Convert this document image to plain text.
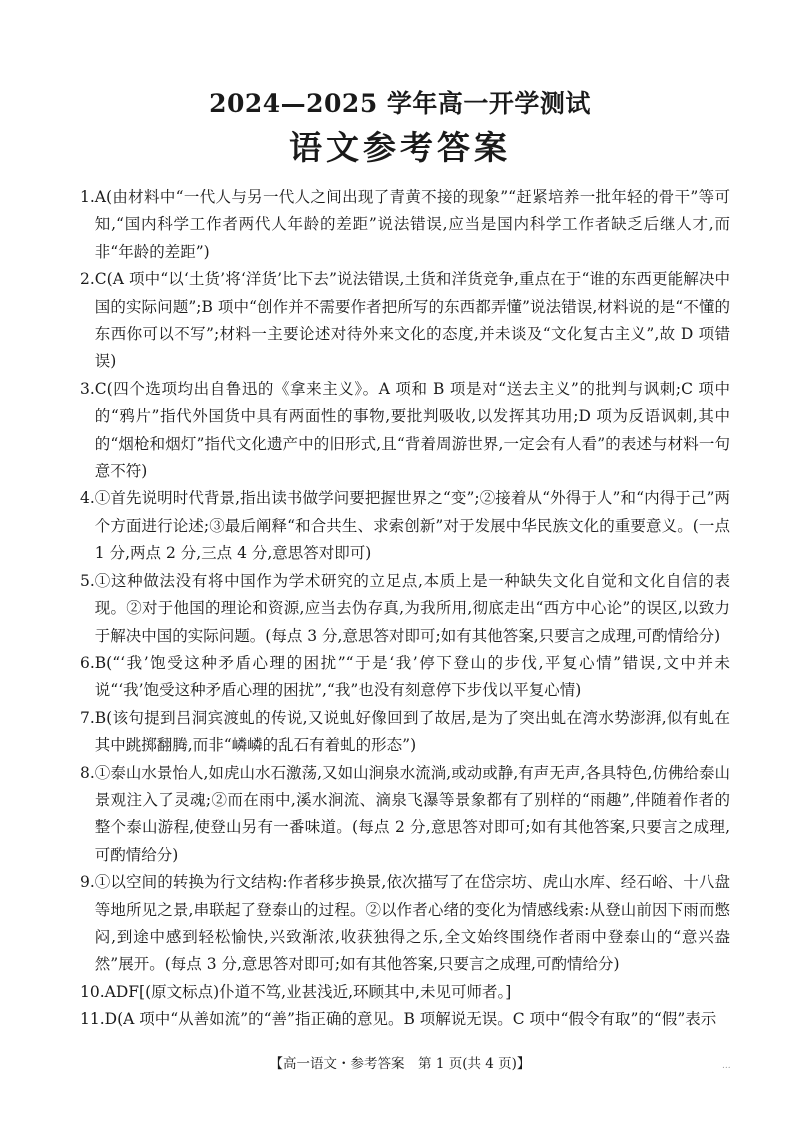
2024—2025 学年高一开学测试
语文参考答案
1. A(由材料中“一代人与另一代人之间出现了青黄不接的现象”“赶紧培养一批年轻的骨干”等可知,“国内科学工作者两代人年龄的差距”说法错误,应当是国内科学工作者缺乏后继人才,而非“年龄的差距”)
2. C(A 项中“以‘土货’将‘洋货’比下去”说法错误,土货和洋货竞争,重点在于“谁的东西更能解决中国的实际问题”;B 项中“创作并不需要作者把所写的东西都弄懂”说法错误,材料说的是“不懂的东西你可以不写”;材料一主要论述对待外来文化的态度,并未谈及“文化复古主义”,故 D 项错误)
3. C(四个选项均出自鲁迅的《拿来主义》。A 项和 B 项是对“送去主义”的批判与讽刺;C 项中的“鸦片”指代外国货中具有两面性的事物,要批判吸收,以发挥其功用;D 项为反语讽刺,其中的“烟枪和烟灯”指代文化遗产中的旧形式,且“背着周游世界,一定会有人看”的表述与材料一句意不符)
4. ①首先说明时代背景,指出读书做学问要把握世界之“变”;②接着从“外得于人”和“内得于己”两个方面进行论述;③最后阐释“和合共生、求索创新”对于发展中华民族文化的重要意义。(一点 1 分,两点 2 分,三点 4 分,意思答对即可)
5. ①这种做法没有将中国作为学术研究的立足点,本质上是一种缺失文化自觉和文化自信的表现。②对于他国的理论和资源,应当去伪存真,为我所用,彻底走出“西方中心论”的误区,以致力于解决中国的实际问题。(每点 3 分,意思答对即可;如有其他答案,只要言之成理,可酌情给分)
6. B(“‘我’饱受这种矛盾心理的困扰”“于是‘我’停下登山的步伐,平复心情”错误,文中并未说“‘我’饱受这种矛盾心理的困扰”,“我”也没有刻意停下步伐以平复心情)
7. B(该句提到吕洞宾渡虬的传说,又说虬好像回到了故居,是为了突出虬在湾水势澎湃,似有虬在其中跳掷翻腾,而非“嶙嶙的乱石有着虬的形态”)
8. ①泰山水景怡人,如虎山水石激荡,又如山涧泉水流淌,或动或静,有声无声,各具特色,仿佛给泰山景观注入了灵魂;②而在雨中,溪水涧流、滴泉飞瀑等景象都有了别样的“雨趣”,伴随着作者的整个泰山游程,使登山另有一番味道。(每点 2 分,意思答对即可;如有其他答案,只要言之成理,可酌情给分)
9. ①以空间的转换为行文结构:作者移步换景,依次描写了在岱宗坊、虎山水库、经石峪、十八盘等地所见之景,串联起了登泰山的过程。②以作者心绪的变化为情感线索:从登山前因下雨而憋闷,到途中感到轻松愉快,兴致渐浓,收获独得之乐,全文始终围绕作者雨中登泰山的“意兴盎然”展开。(每点 3 分,意思答对即可;如有其他答案,只要言之成理,可酌情给分)
10. ADF[(原文标点)仆道不笃,业甚浅近,环顾其中,未见可师者。]
11. D(A 项中“从善如流”的“善”指正确的意见。B 项解说无误。C 项中“假令有取”的“假”表示
【高一语文・参考答案　第 1 页(共 4 页)】	...
